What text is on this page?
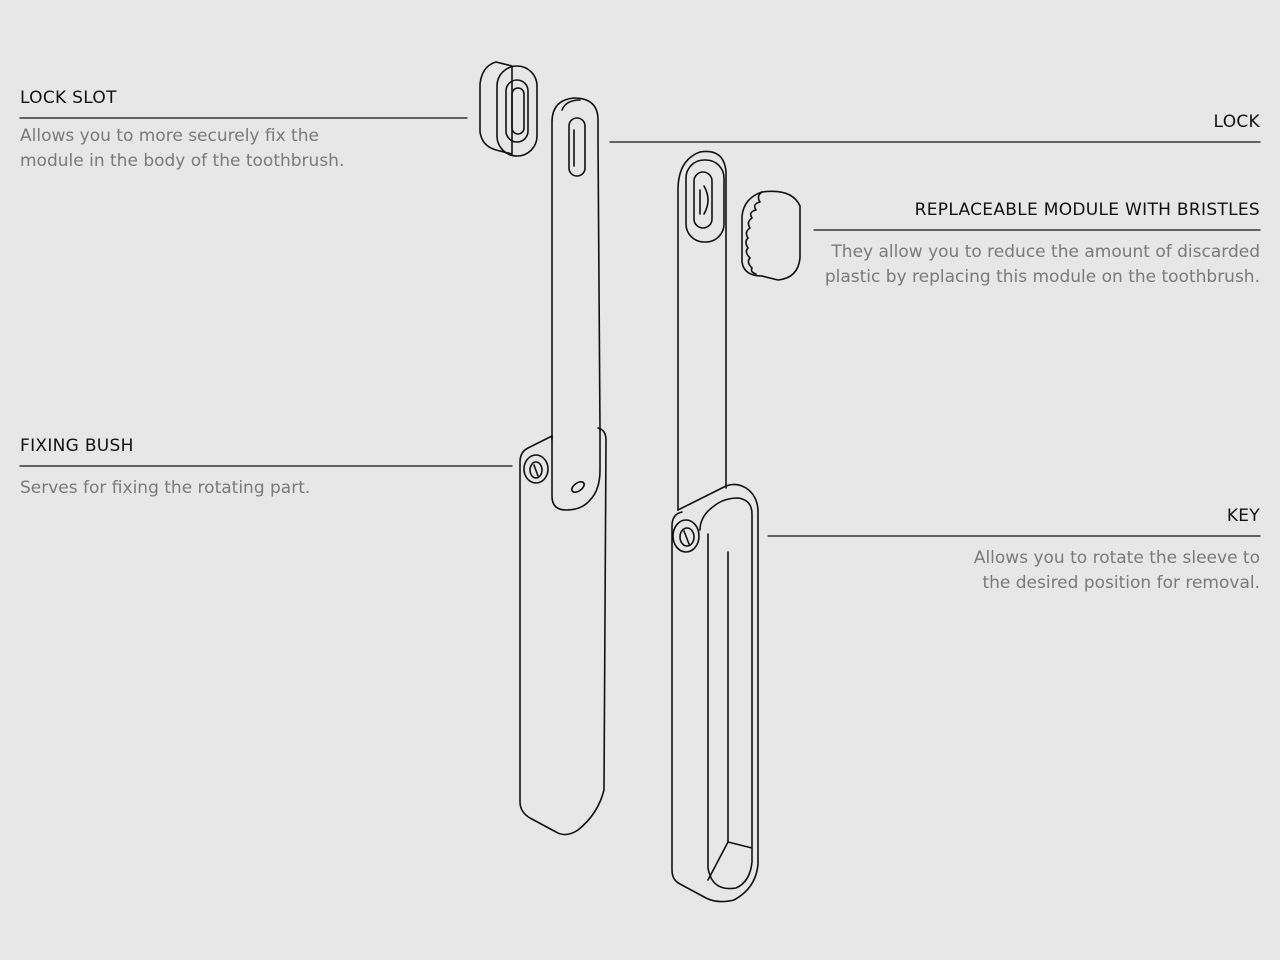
LOCK SLOT
Allows you to more securely fix the
module in the body of the toothbrush.
LOCK
REPLACEABLE MODULE WITH BRISTLES
They allow you to reduce the amount of discarded
plastic by replacing this module on the toothbrush.
FIXING BUSH
Serves for fixing the rotating part.
KEY
Allows you to rotate the sleeve to
the desired position for removal.
